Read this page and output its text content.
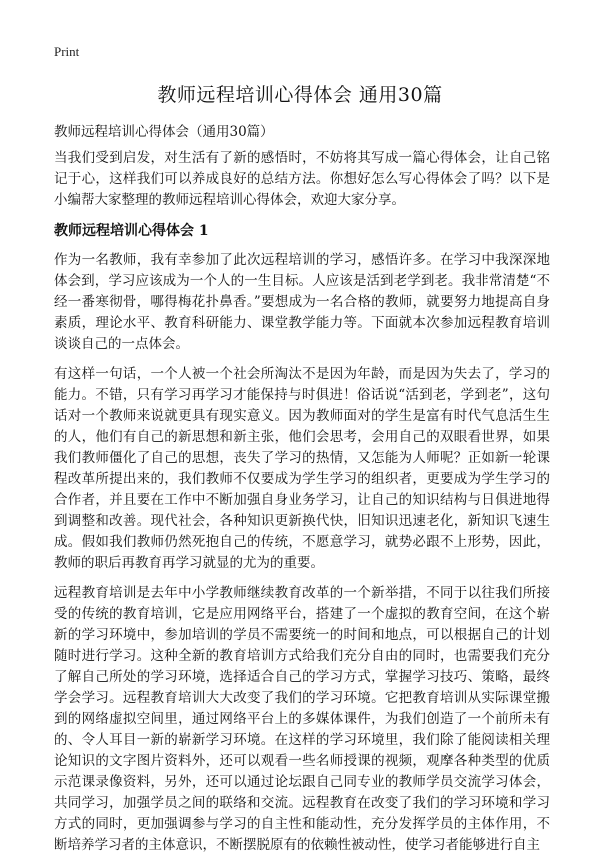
Print
教师远程培训心得体会 通用30篇
教师远程培训心得体会（通用30篇）

当我们受到启发，对生活有了新的感悟时，不妨将其写成一篇心得体会，让自己铭记于心，这样我们可以养成良好的总结方法。你想好怎么写心得体会了吗？以下是小编帮大家整理的教师远程培训心得体会，欢迎大家分享。

教师远程培训心得体会 1

作为一名教师，我有幸参加了此次远程培训的学习，感悟许多。在学习中我深深地体会到，学习应该成为一个人的一生目标。人应该是活到老学到老。我非常清楚“不经一番寒彻骨，哪得梅花扑鼻香。”要想成为一名合格的教师，就要努力地提高自身素质，理论水平、教育科研能力、课堂教学能力等。下面就本次参加远程教育培训谈谈自己的一点体会。

有这样一句话，一个人被一个社会所淘汰不是因为年龄，而是因为失去了，学习的能力。不错，只有学习再学习才能保持与时俱进！俗话说“活到老，学到老”，这句话对一个教师来说就更具有现实意义。因为教师面对的学生是富有时代气息活生生的人，他们有自己的新思想和新主张，他们会思考，会用自己的双眼看世界，如果我们教师僵化了自己的思想，丧失了学习的热情，又怎能为人师呢？正如新一轮课程改革所提出来的，我们教师不仅要成为学生学习的组织者，更要成为学生学习的合作者，并且要在工作中不断加强自身业务学习，让自己的知识结构与日俱进地得到调整和改善。现代社会，各种知识更新换代快，旧知识迅速老化，新知识飞速生成。假如我们教师仍然死抱自己的传统，不愿意学习，就势必跟不上形势，因此，教师的职后再教育再学习就显的尤为的重要。

远程教育培训是去年中小学教师继续教育改革的一个新举措，不同于以往我们所接受的传统的教育培训，它是应用网络平台，搭建了一个虚拟的教育空间，在这个崭新的学习环境中，参加培训的学员不需要统一的时间和地点，可以根据自己的计划随时进行学习。这种全新的教育培训方式给我们充分自由的同时，也需要我们充分了解自己所处的学习环境，选择适合自己的学习方式，掌握学习技巧、策略，最终学会学习。远程教育培训大大改变了我们的学习环境。它把教育培训从实际课堂搬到的网络虚拟空间里，通过网络平台上的多媒体课件，为我们创造了一个前所未有的、令人耳目一新的崭新学习环境。在这样的学习环境里，我们除了能阅读相关理论知识的文字图片资料外，还可以观看一些名师授课的视频，观摩各种类型的优质示范课录像资料，另外，还可以通过论坛跟自己同专业的教师学员交流学习体会，共同学习，加强学员之间的联络和交流。远程教育在改变了我们的学习环境和学习方式的同时，更加强调参与学习的自主性和能动性，充分发挥学员的主体作用，不断培养学习者的主体意识，不断摆脱原有的依赖性被动性，使学习者能够进行自主
